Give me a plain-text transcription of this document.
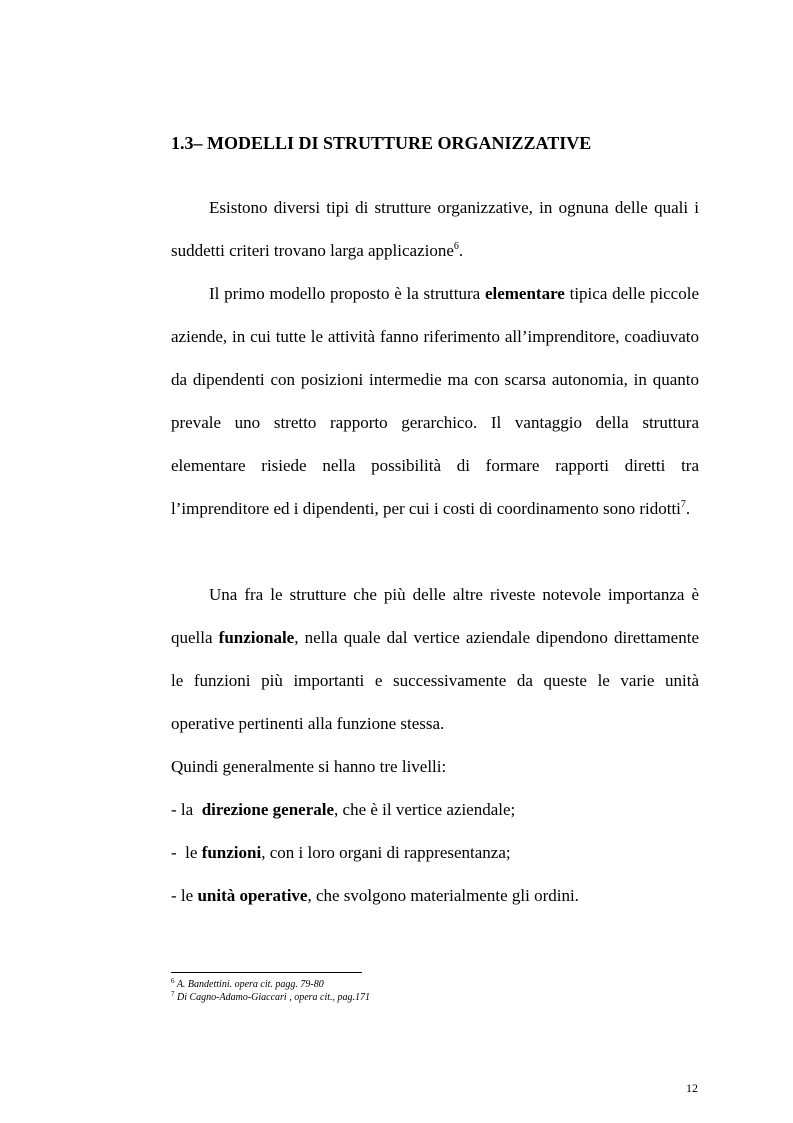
1.3– MODELLI DI STRUTTURE ORGANIZZATIVE

Esistono diversi tipi di strutture organizzative, in ognuna delle quali i suddetti criteri trovano larga applicazione$^6$.

Il primo modello proposto è la struttura elementare tipica delle piccole aziende, in cui tutte le attività fanno riferimento all’imprenditore, coadiuvato da dipendenti con posizioni intermedie ma con scarsa autonomia, in quanto prevale uno stretto rapporto gerarchico. Il vantaggio della struttura elementare risiede nella possibilità di formare rapporti diretti tra l’imprenditore ed i dipendenti, per cui i costi di coordinamento sono ridotti$^7$.

Una fra le strutture che più delle altre riveste notevole importanza è quella funzionale, nella quale dal vertice aziendale dipendono direttamente le funzioni più importanti e successivamente da queste le varie unità operative pertinenti alla funzione stessa.

Quindi generalmente si hanno tre livelli:
- la  direzione generale, che è il vertice aziendale;
-  le funzioni, con i loro organi di rappresentanza;
- le unità operative, che svolgono materialmente gli ordini.
$^6$ A. Bandettini. opera cit. pagg. 79-80
$^7$ Di Cagno-Adamo-Giaccari , opera cit., pag.171
12
